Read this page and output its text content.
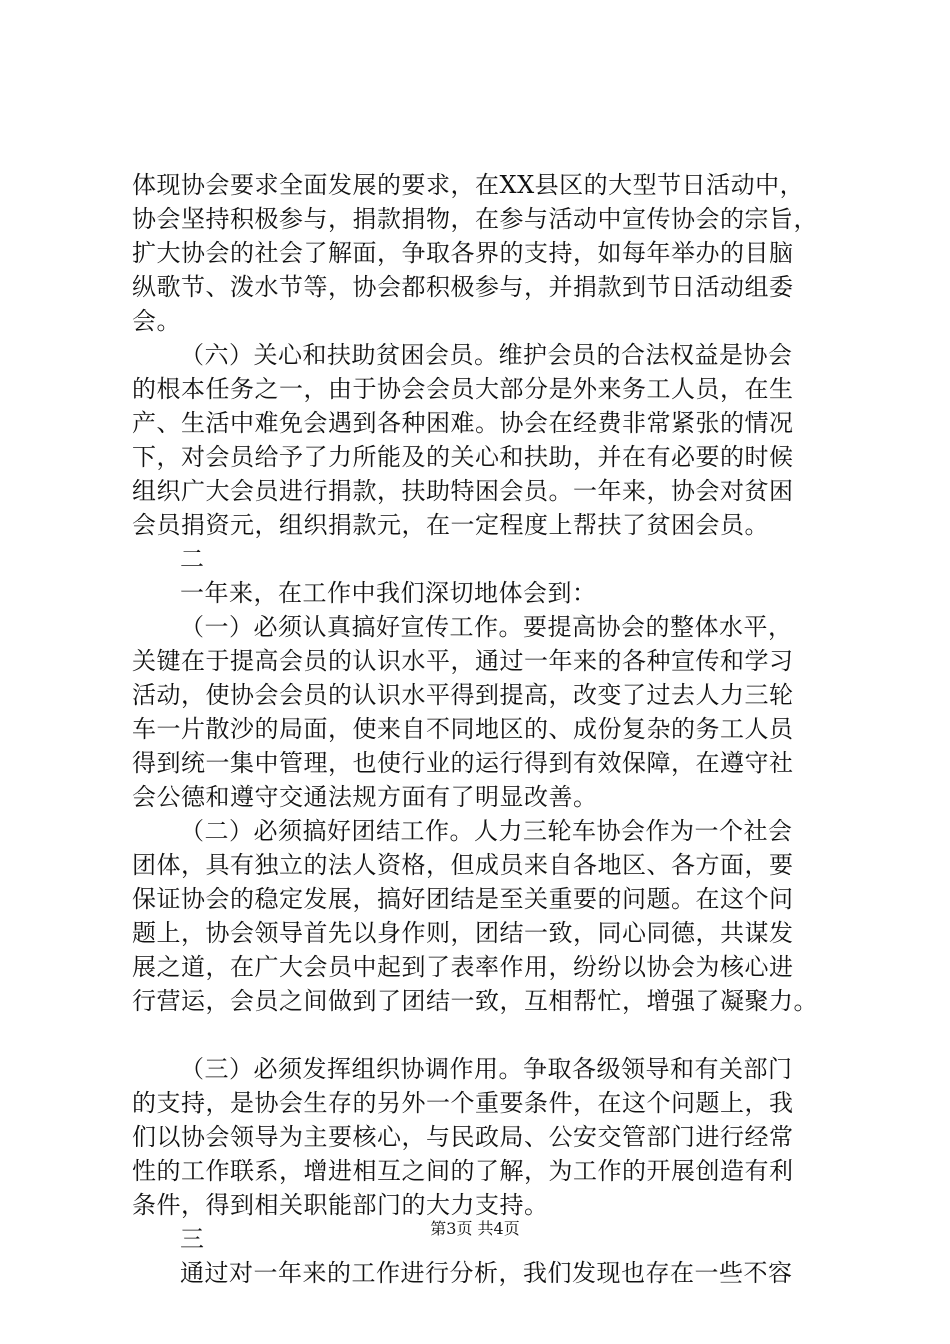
体现协会要求全面发展的要求，在XX县区的大型节日活动中，
协会坚持积极参与，捐款捐物，在参与活动中宣传协会的宗旨，
扩大协会的社会了解面，争取各界的支持，如每年举办的目脑
纵歌节、泼水节等，协会都积极参与，并捐款到节日活动组委
会。
（六）关心和扶助贫困会员。维护会员的合法权益是协会
的根本任务之一，由于协会会员大部分是外来务工人员，在生
产、生活中难免会遇到各种困难。协会在经费非常紧张的情况
下，对会员给予了力所能及的关心和扶助，并在有必要的时候
组织广大会员进行捐款，扶助特困会员。一年来，协会对贫困
会员捐资元，组织捐款元，在一定程度上帮扶了贫困会员。
二
一年来，在工作中我们深切地体会到：
（一）必须认真搞好宣传工作。要提高协会的整体水平，
关键在于提高会员的认识水平，通过一年来的各种宣传和学习
活动，使协会会员的认识水平得到提高，改变了过去人力三轮
车一片散沙的局面，使来自不同地区的、成份复杂的务工人员
得到统一集中管理，也使行业的运行得到有效保障，在遵守社
会公德和遵守交通法规方面有了明显改善。
（二）必须搞好团结工作。人力三轮车协会作为一个社会
团体，具有独立的法人资格，但成员来自各地区、各方面，要
保证协会的稳定发展，搞好团结是至关重要的问题。在这个问
题上，协会领导首先以身作则，团结一致，同心同德，共谋发
展之道，在广大会员中起到了表率作用，纷纷以协会为核心进
行营运，会员之间做到了团结一致，互相帮忙，增强了凝聚力。
（三）必须发挥组织协调作用。争取各级领导和有关部门
的支持，是协会生存的另外一个重要条件，在这个问题上，我
们以协会领导为主要核心，与民政局、公安交管部门进行经常
性的工作联系，增进相互之间的了解，为工作的开展创造有利
条件，得到相关职能部门的大力支持。
三
通过对一年来的工作进行分析，我们发现也存在一些不容
第3页 共4页
